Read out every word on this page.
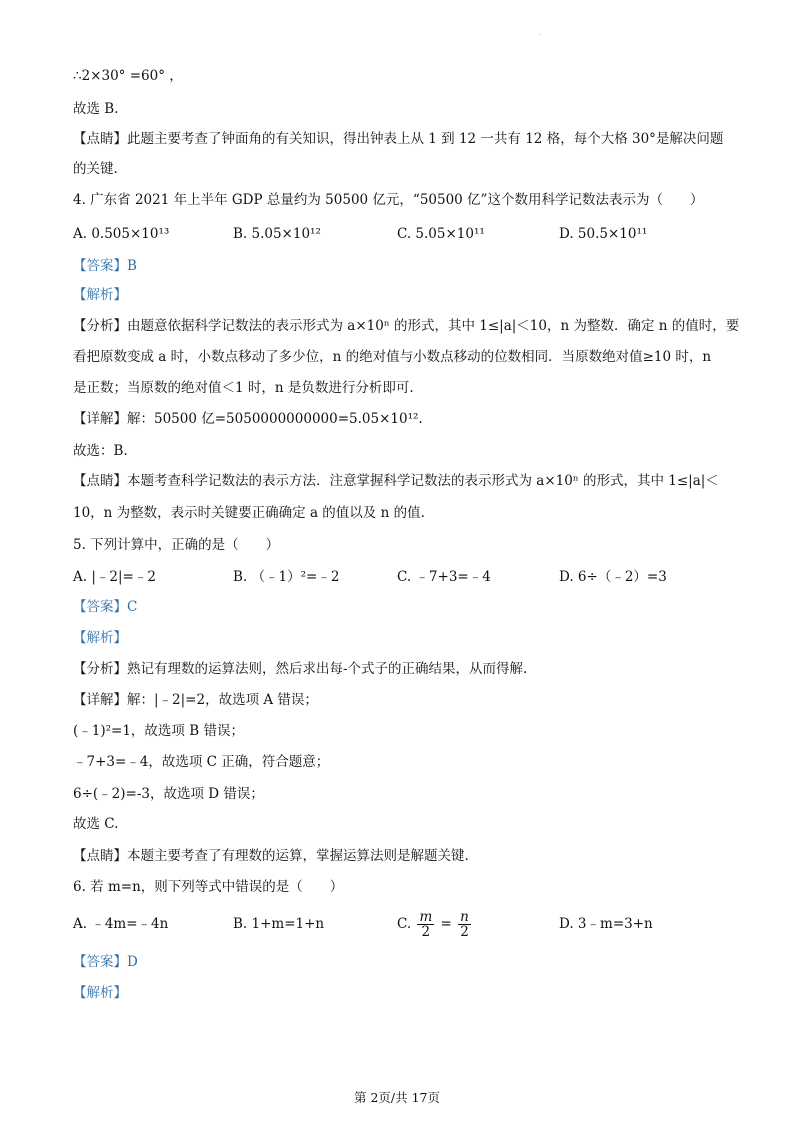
·
∴2×30° =60° ，
故选 B.
【点睛】此题主要考查了钟面角的有关知识，得出钟表上从 1 到 12 一共有 12 格，每个大格 30°是解决问题
的关键.
4. 广东省 2021 年上半年 GDP 总量约为 50500 亿元，“50500 亿”这个数用科学记数法表示为（　　）
A. 0.505×10¹³	B. 5.05×10¹²	C. 5.05×10¹¹	D. 50.5×10¹¹
【答案】B
【解析】
【分析】由题意依据科学记数法的表示形式为 a×10ⁿ 的形式，其中 1≤|a|＜10，n 为整数．确定 n 的值时，要
看把原数变成 a 时，小数点移动了多少位，n 的绝对值与小数点移动的位数相同．当原数绝对值≥10 时，n
是正数；当原数的绝对值＜1 时，n 是负数进行分析即可.
【详解】解：50500 亿=5050000000000=5.05×10¹².
故选：B.
【点睛】本题考查科学记数法的表示方法．注意掌握科学记数法的表示形式为 a×10ⁿ 的形式，其中 1≤|a|＜
10，n 为整数，表示时关键要正确确定 a 的值以及 n 的值.
5. 下列计算中，正确的是（　　）
A. |﹣2|=﹣2	B. （﹣1）²=﹣2	C. ﹣7+3=﹣4	D. 6÷（﹣2）=3
【答案】C
【解析】
【分析】熟记有理数的运算法则，然后求出每-个式子的正确结果，从而得解.
【详解】解：|﹣2|=2，故选项 A 错误；
(﹣1)²=1，故选项 B 错误；
﹣7+3=﹣4，故选项 C 正确，符合题意；
6÷(﹣2)=-3，故选项 D 错误；
故选 C.
【点睛】本题主要考查了有理数的运算，掌握运算法则是解题关键.
6. 若 m=n，则下列等式中错误的是（　　）
A. ﹣4m=﹣4n	B. 1+m=1+n	C. $\frac{m}{2} = \frac{n}{2}$	D. 3﹣m=3+n
【答案】D
【解析】
第 2页/共 17页
